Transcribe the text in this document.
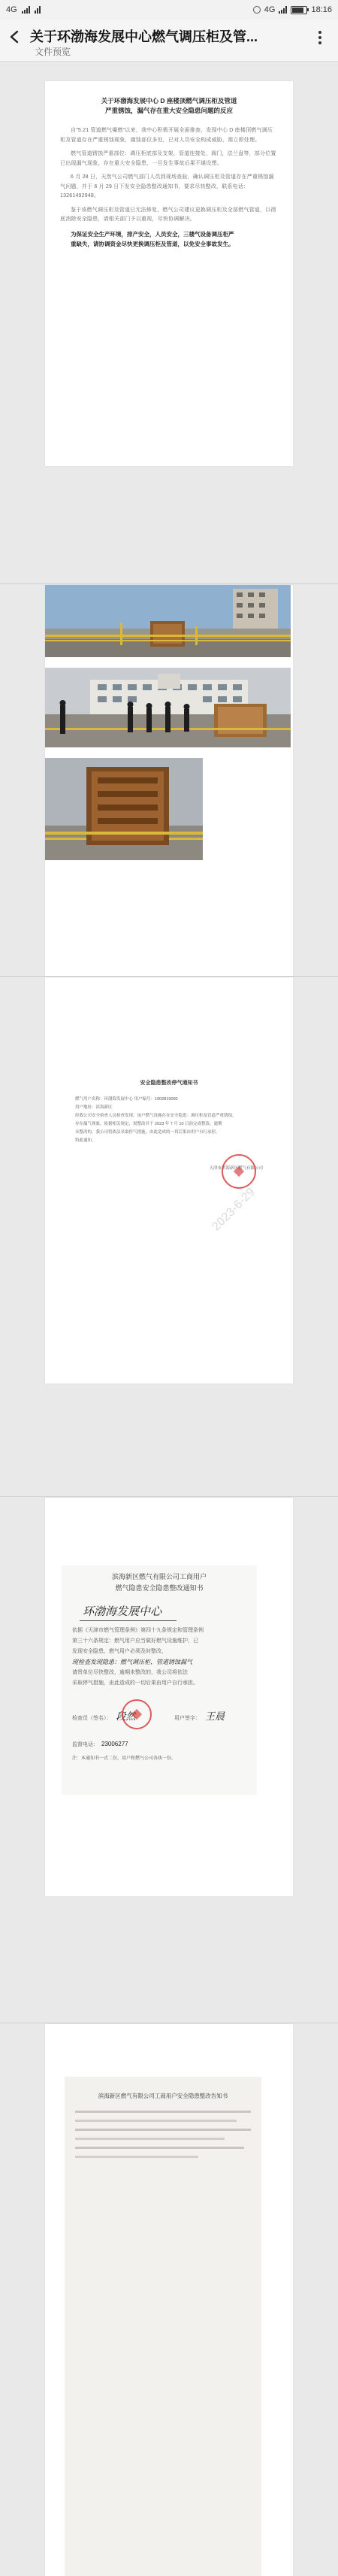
4G	4G	18:16
关于环渤海发展中心燃气调压柜及管...
文件预览

关于环渤海发展中心 D 座楼顶燃气调压柜及管道

严重锈蚀，漏气存在重大安全隐患问题的反应

自"5.21 管道燃气爆燃"以来，我中心积极开展全面排查，发现中心 D 座楼顶燃气调压柜及管道存在严重锈蚀现象，腐蚀部位多处，已对人员安全构成威胁，需立即处理。

燃气管道锈蚀严重部位：调压柜底部及支架，管道连接处，阀门，法兰盘等，部分位置已出现漏气现象，存在重大安全隐患，一旦发生事故后果不堪设想。

6 月 28 日，天然气公司燃气部门人员到现场查验，确认调压柜及管道存在严重锈蚀漏气问题，并于 6 月 29 日下发安全隐患整改通知书，要求尽快整改，联系电话：13261492948。

鉴于该燃气调压柜及管道已无法修复，燃气公司建议更换调压柜及全部燃气管道，以彻底消除安全隐患，请相关部门予以重视，尽快协调解决。

为保证安全生产环境，排产安全，人员安全，三楼气设备调压柜严

重缺失，请协调资金尽快更换调压柜及管道，以免安全事故发生。

安全隐患整改停气通知书
燃气用户名称：环渤海发展中心 用户编号：1002819000
用户地址：滨海新区
经我公司安全检查人员检查发现，该户燃气设施存在安全隐患：调压柜及管道严重锈蚀，
存在漏气现象，依据相关规定，需整改并于 2023 年 7 月 10 日前完成整改，逾期
未整改的，我公司将依法采取停气措施，由此造成的一切后果由用户自行承担。
特此通知。
天津市滨海新区燃气有限公司
2023-6-29
滨海新区燃气有限公司工商用户
燃气隐患安全隐患整改通知书
环渤海发展中心
依据《天津市燃气管理条例》第四十九条规定和管理条例
第三十六条规定：燃气用户应当做好燃气设施维护，已
发现安全隐患，燃气用户必须及时整改，
现检查发现隐患：燃气调压柜、管道锈蚀漏气
请贵单位尽快整改，逾期未整改的，我公司将依法
采取停气措施，由此造成的一切后果由用户自行承担。
检查员（签名）： 段然	用户签字： 王晨
监督电话： 23006277
注：本通知书一式二份，用户和燃气公司各执一份。
滨海新区燃气有限公司工商用户安全隐患整改告知书
